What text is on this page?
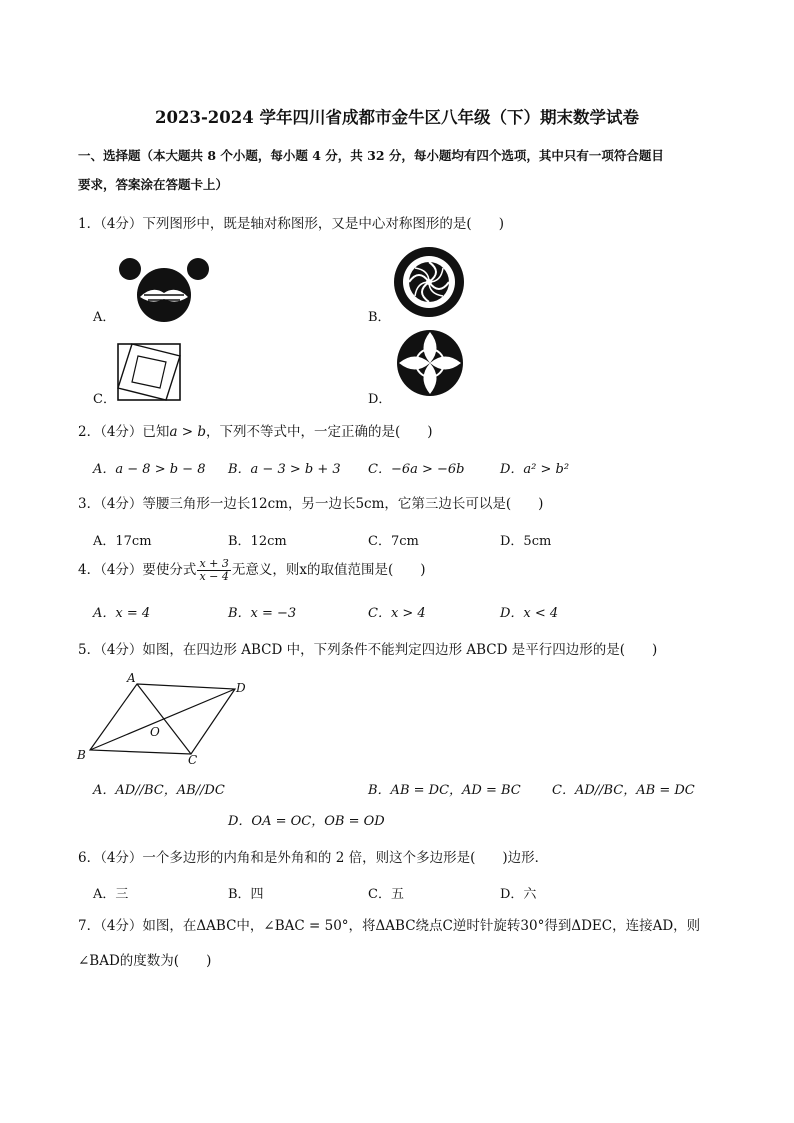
2023-2024 学年四川省成都市金牛区八年级（下）期末数学试卷
一、选择题（本大题共 8 个小题，每小题 4 分，共 32 分，每小题均有四个选项，其中只有一项符合题目
要求，答案涂在答题卡上）
1．（4分）下列图形中，既是轴对称图形，又是中心对称图形的是(　　)
A．	B．
C．	D．
2．（4分）已知a > b，下列不等式中，一定正确的是(　　)
A．a − 8 > b − 8 B．a − 3 > b + 3 C．−6a > −6b	D．a² > b²
3．（4分）等腰三角形一边长12cm，另一边长5cm，它第三边长可以是(　　)
A．17cm	B．12cm	C．7cm	D．5cm
4．（4分）要使分式 $\frac{x + 3}{x - 4}$ 无意义，则x的取值范围是(　　)
A．x = 4	B．x = −3	C．x > 4	D．x < 4
5．（4分）如图，在四边形 ABCD 中，下列条件不能判定四边形 ABCD 是平行四边形的是(　　)
A
D
B	C
O
A．AD//BC，AB//DC	B．AB = DC，AD = BC C．AD//BC，AB = DC
D．OA = OC，OB = OD
6．（4分）一个多边形的内角和是外角和的 2 倍，则这个多边形是(　　)边形．
A．三	B．四	C．五	D．六
7．（4分）如图，在ΔABC中，∠BAC = 50°，将ΔABC绕点C逆时针旋转30°得到ΔDEC，连接AD，则
∠BAD的度数为(　　)
